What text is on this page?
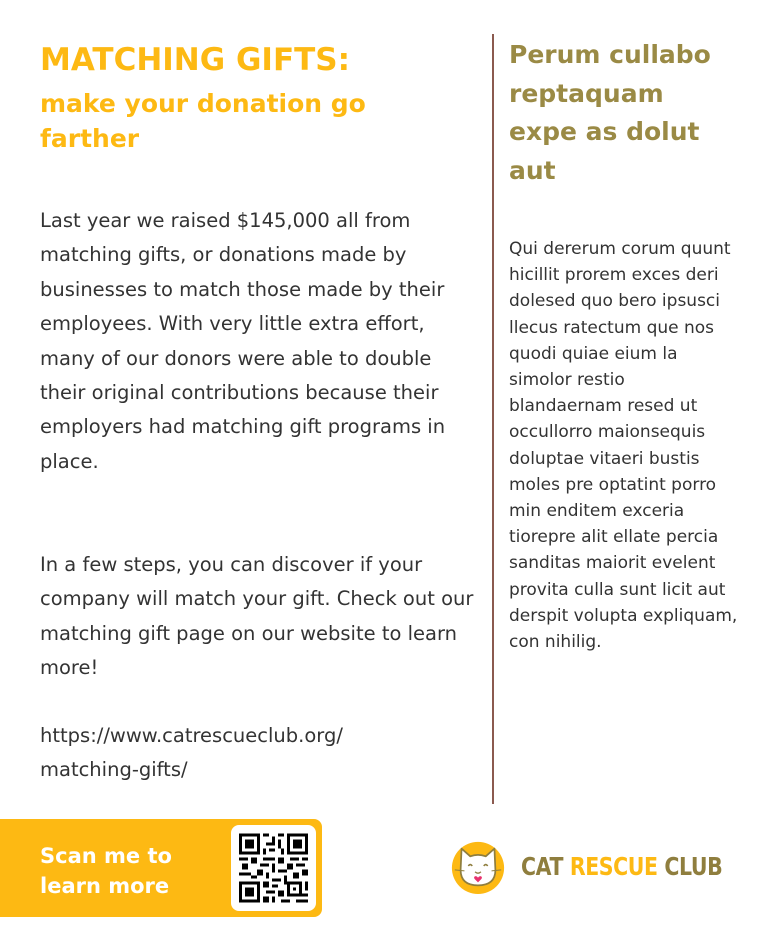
MATCHING GIFTS:
make your donation go farther
Last year we raised $145,000 all from matching gifts, or donations made by businesses to match those made by their employees. With very little extra effort, many of our donors were able to double their original contributions because their employers had matching gift programs in place.
In a few steps, you can discover if your company will match your gift. Check out our matching gift page on our website to learn more!
https://www.catrescueclub.org/ matching-gifts/
Perum cullabo reptaquam expe as dolut aut
Qui dererum corum quunt hicillit prorem exces deri dolesed quo bero ipsusci llecus ratectum que nos quodi quiae eium la simolor restio blandaernam resed ut occullorro maionsequis doluptae vitaeri bustis moles pre optatint porro min enditem exceria tiorepre alit ellate percia sanditas maiorit evelent provita culla sunt licit aut derspit volupta expliquam, con nihilig.
Scan me to
learn more
CAT RESCUE CLUB
